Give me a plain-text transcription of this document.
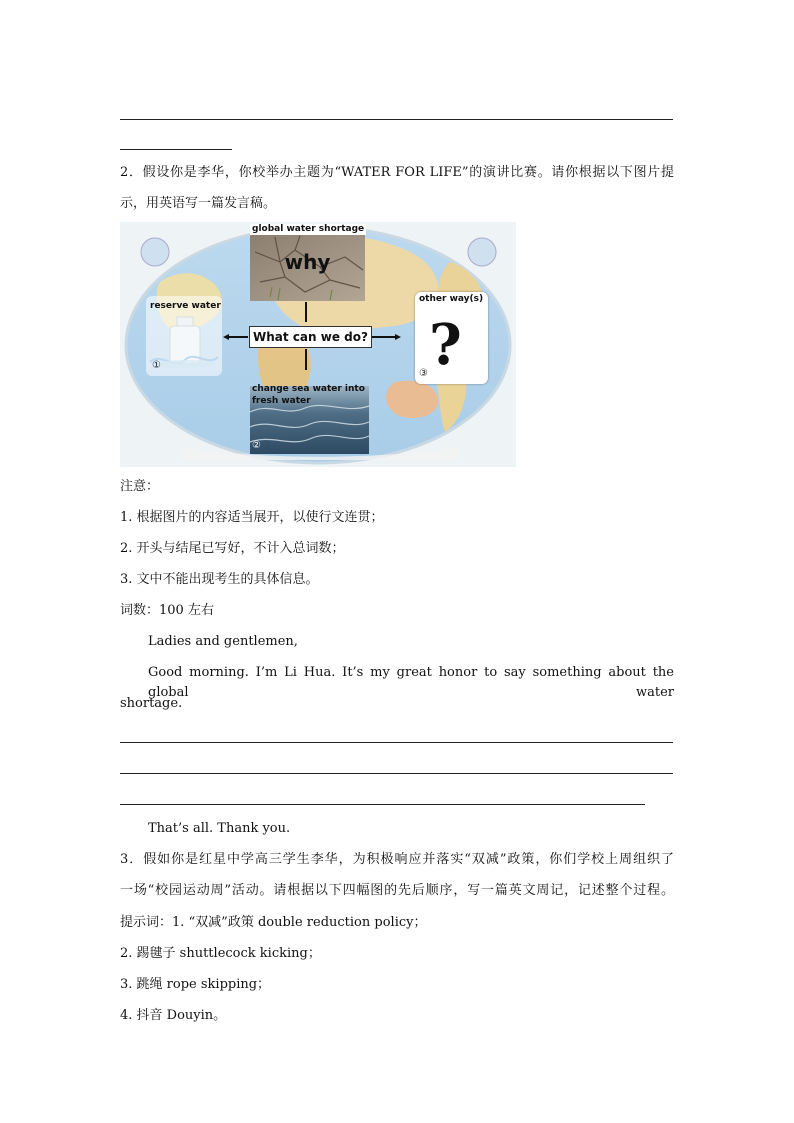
2．假设你是李华，你校举办主题为“WATER FOR LIFE”的演讲比赛。请你根据以下图片提
示，用英语写一篇发言稿。
global water shortage
why
reserve water
①
other way(s)
?
③
What can we do?
change sea water into
fresh water
②
注意：
1. 根据图片的内容适当展开，以使行文连贯；
2. 开头与结尾已写好，不计入总词数；
3. 文中不能出现考生的具体信息。
词数：100 左右
Ladies and gentlemen,
Good morning. I’m Li Hua. It’s my great honor to say something about the global water
shortage.
That’s all. Thank you.
3．假如你是红星中学高三学生李华，为积极响应并落实“双减”政策，你们学校上周组织了
一场“校园运动周”活动。请根据以下四幅图的先后顺序，写一篇英文周记，记述整个过程。
提示词：1. “双减”政策 double reduction policy；
2. 踢毽子 shuttlecock kicking；
3. 跳绳 rope skipping；
4. 抖音 Douyin。
